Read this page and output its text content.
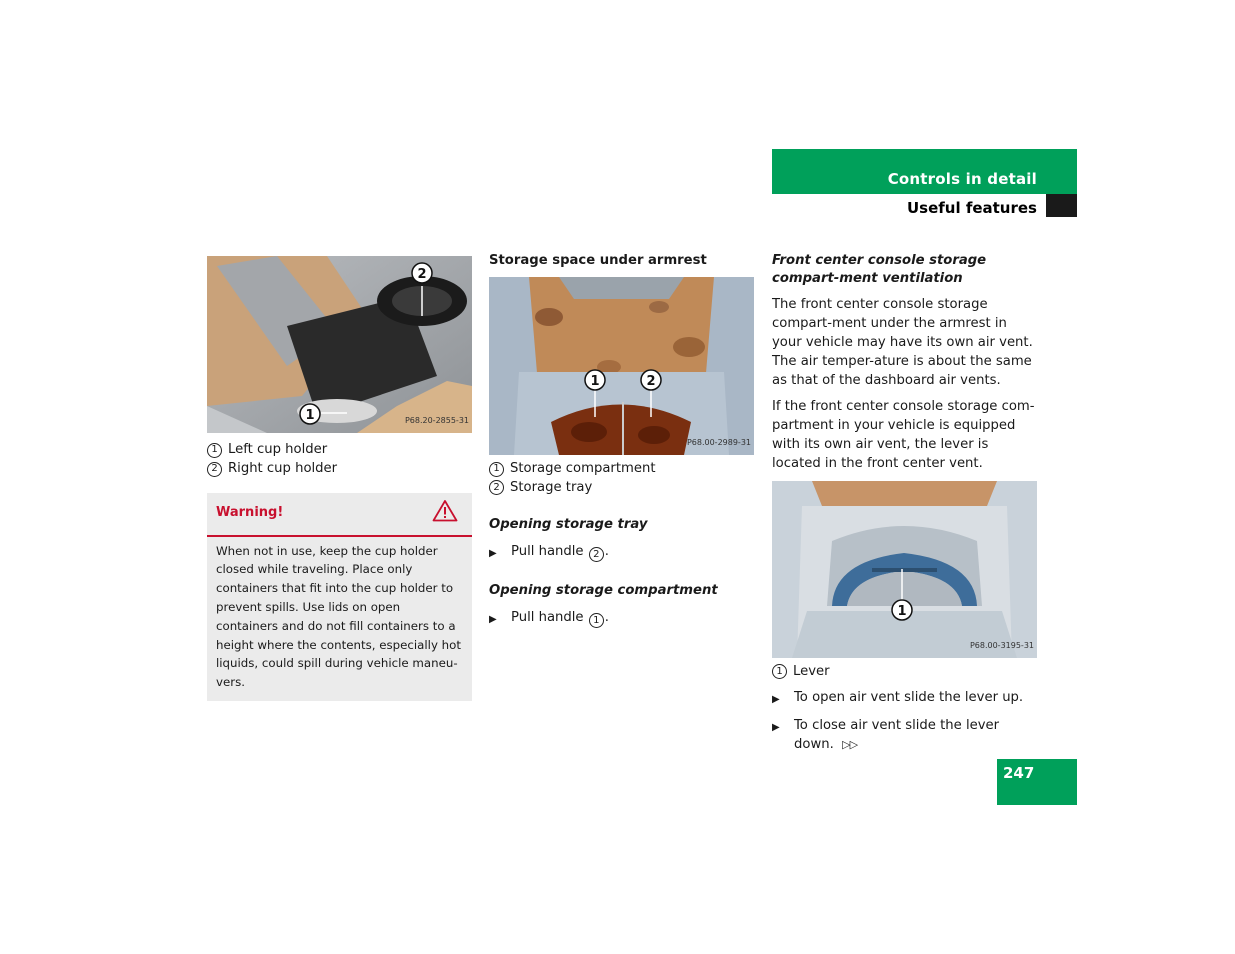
Controls in detail
Useful features
2
1	P68.20-2855-31
1 Left cup holder
2 Right cup holder
Warning!
When not in use, keep the cup holder closed while traveling. Place only containers that fit into the cup holder to prevent spills. Use lids on open containers and do not fill containers to a height where the contents, especially hot liquids, could spill during vehicle maneu-vers.
Storage space under armrest
1	2
P68.00-2989-31
1 Storage compartment
2 Storage tray
Opening storage tray
▶	Pull handle 2 .
Opening storage compartment
▶	Pull handle 1 .
Front center console storage compart-ment ventilation
The front center console storage compart-ment under the armrest in your vehicle may have its own air vent. The air temper-ature is about the same as that of the dashboard air vents.
If the front center console storage com-partment in your vehicle is equipped with its own air vent, the lever is located in the front center vent.
1
P68.00-3195-31
1 Lever
▶	To open air vent slide the lever up.
▶	To close air vent slide the lever down. ▷▷
247
